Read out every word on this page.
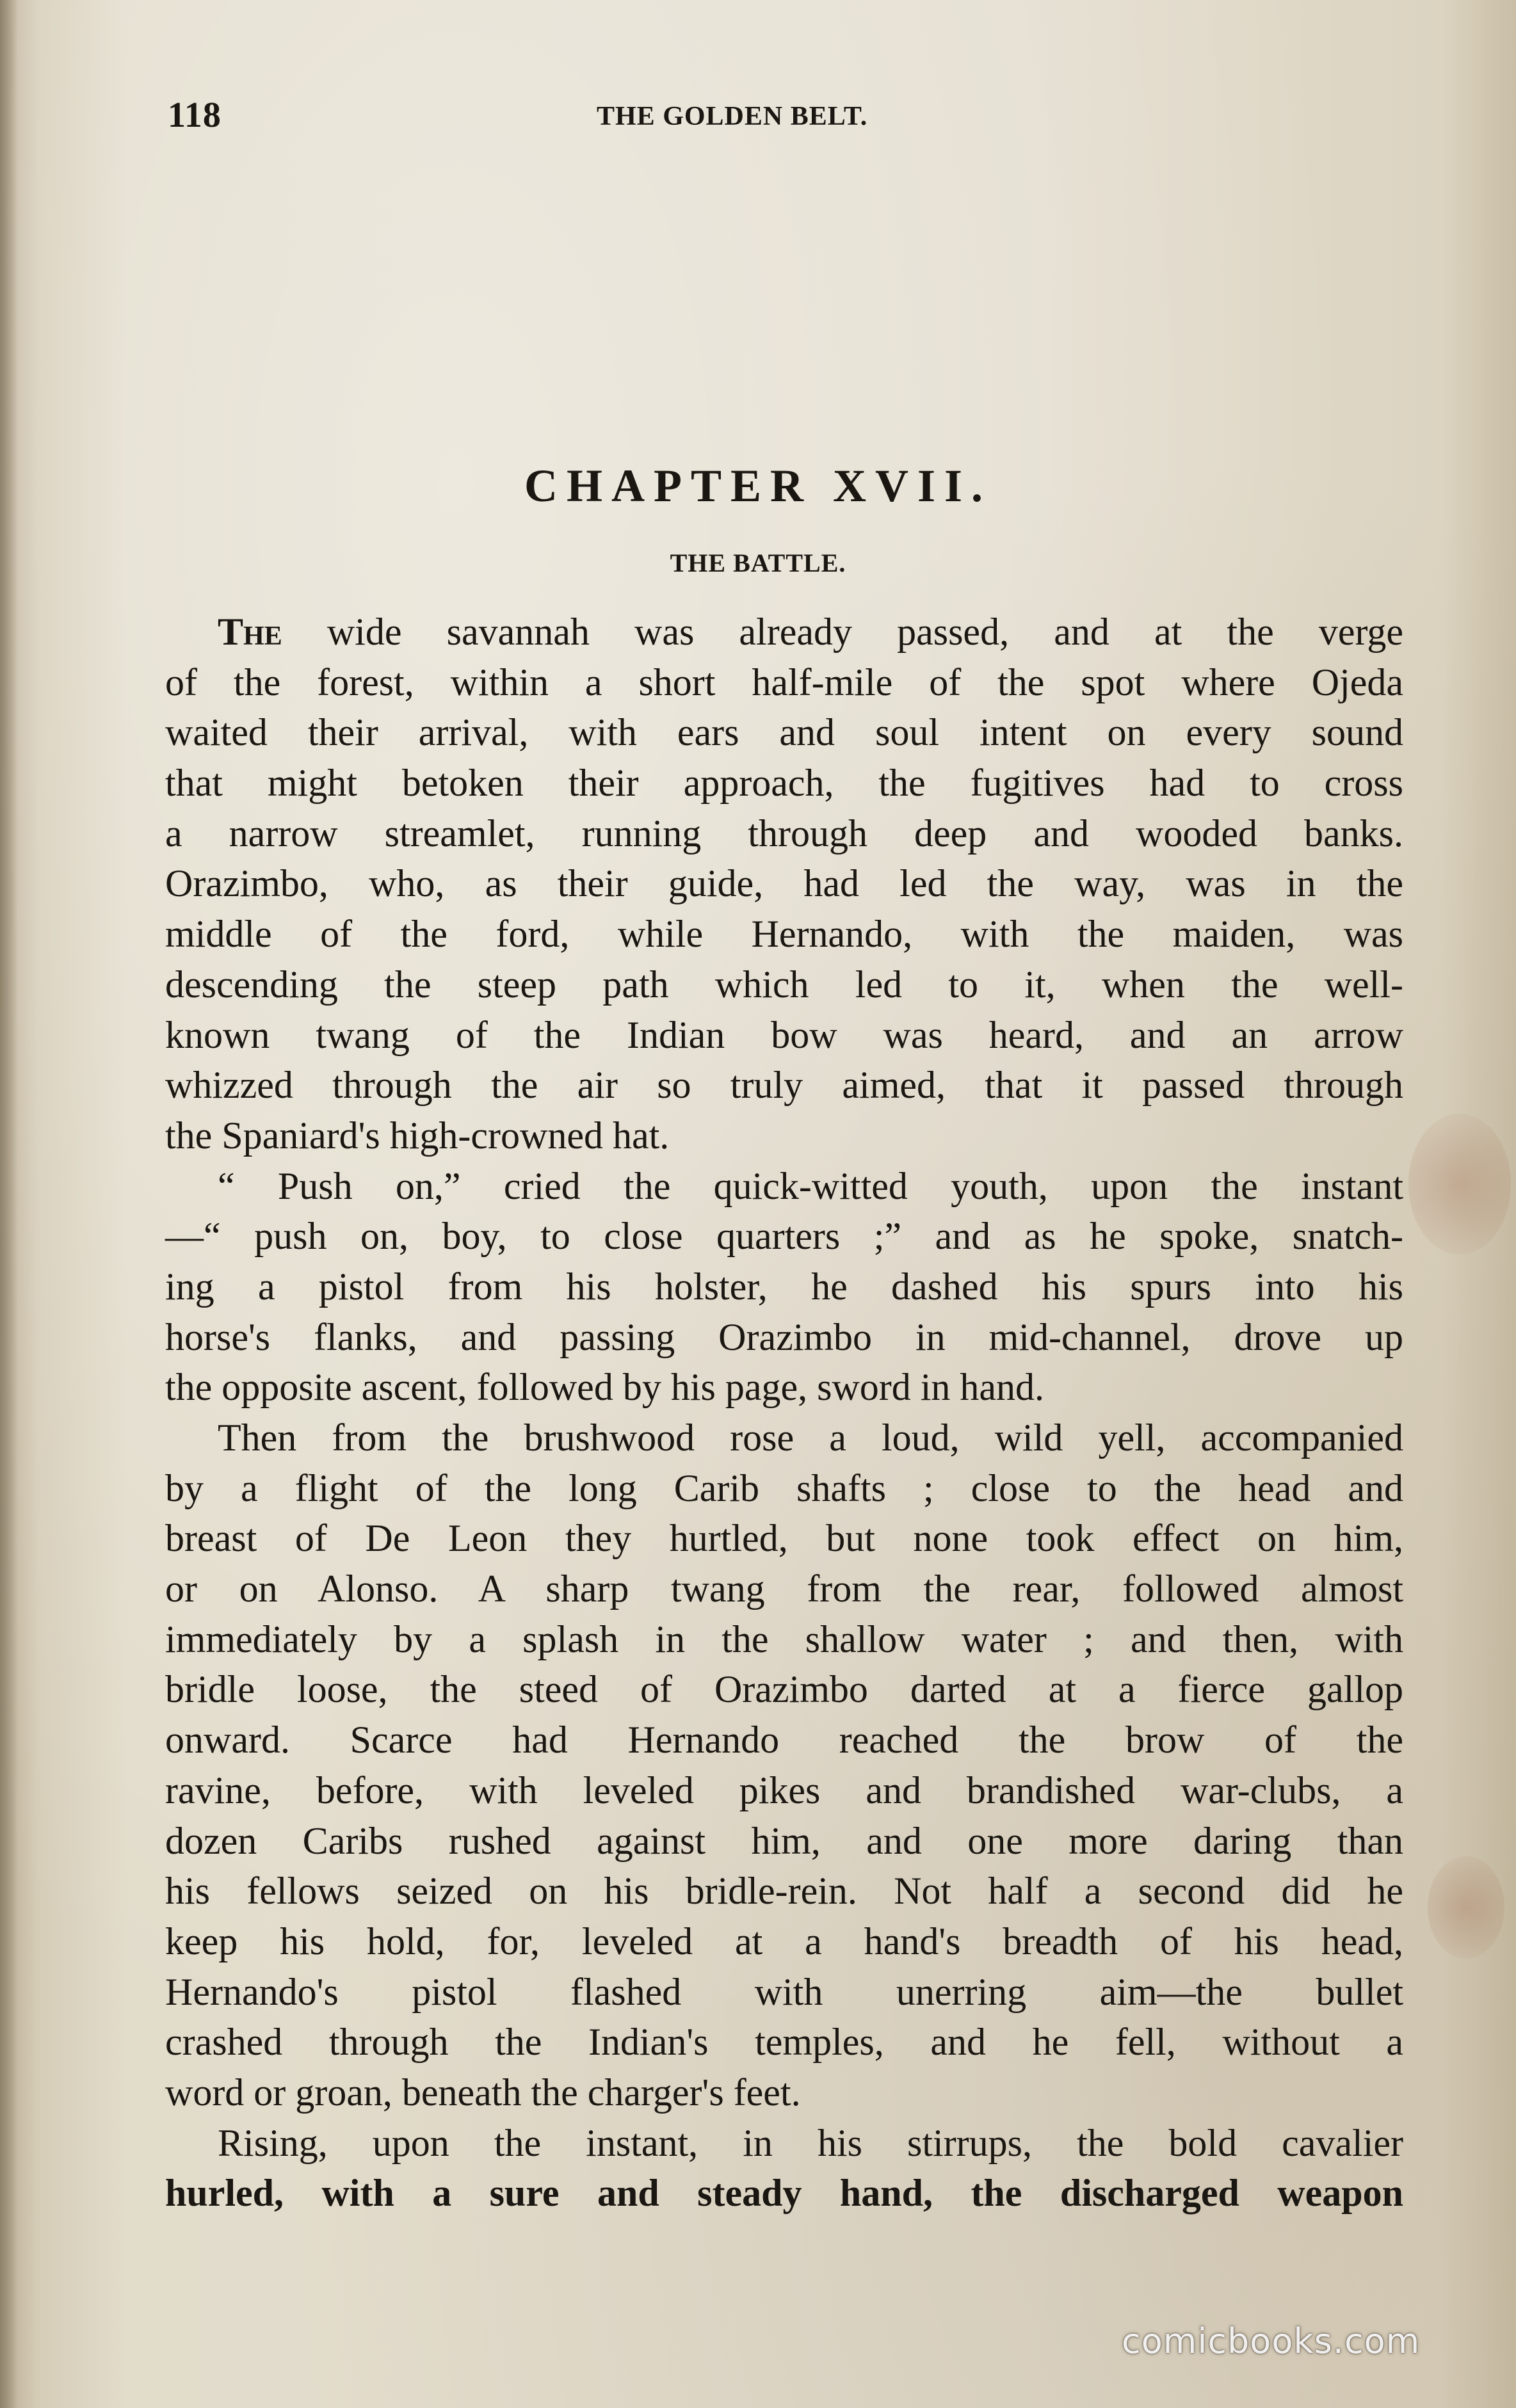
118	THE GOLDEN BELT.
CHAPTER XVII.
THE BATTLE.
The wide savannah was already passed, and at the verge
of the forest, within a short half-mile of the spot where Ojeda
waited their arrival, with ears and soul intent on every sound
that might betoken their approach, the fugitives had to cross
a narrow streamlet, running through deep and wooded banks.
Orazimbo, who, as their guide, had led the way, was in the
middle of the ford, while Hernando, with the maiden, was
descending the steep path which led to it, when the well-
known twang of the Indian bow was heard, and an arrow
whizzed through the air so truly aimed, that it passed through
the Spaniard's high-crowned hat.
“ Push on,” cried the quick-witted youth, upon the instant
—“ push on, boy, to close quarters ;” and as he spoke, snatch-
ing a pistol from his holster, he dashed his spurs into his
horse's flanks, and passing Orazimbo in mid-channel, drove up
the opposite ascent, followed by his page, sword in hand.
Then from the brushwood rose a loud, wild yell, accompanied
by a flight of the long Carib shafts ; close to the head and
breast of De Leon they hurtled, but none took effect on him,
or on Alonso. A sharp twang from the rear, followed almost
immediately by a splash in the shallow water ; and then, with
bridle loose, the steed of Orazimbo darted at a fierce gallop
onward. Scarce had Hernando reached the brow of the
ravine, before, with leveled pikes and brandished war-clubs, a
dozen Caribs rushed against him, and one more daring than
his fellows seized on his bridle-rein. Not half a second did he
keep his hold, for, leveled at a hand's breadth of his head,
Hernando's pistol flashed with unerring aim—the bullet
crashed through the Indian's temples, and he fell, without a
word or groan, beneath the charger's feet.
Rising, upon the instant, in his stirrups, the bold cavalier
hurled, with a sure and steady hand, the discharged weapon
comicbooks.com
